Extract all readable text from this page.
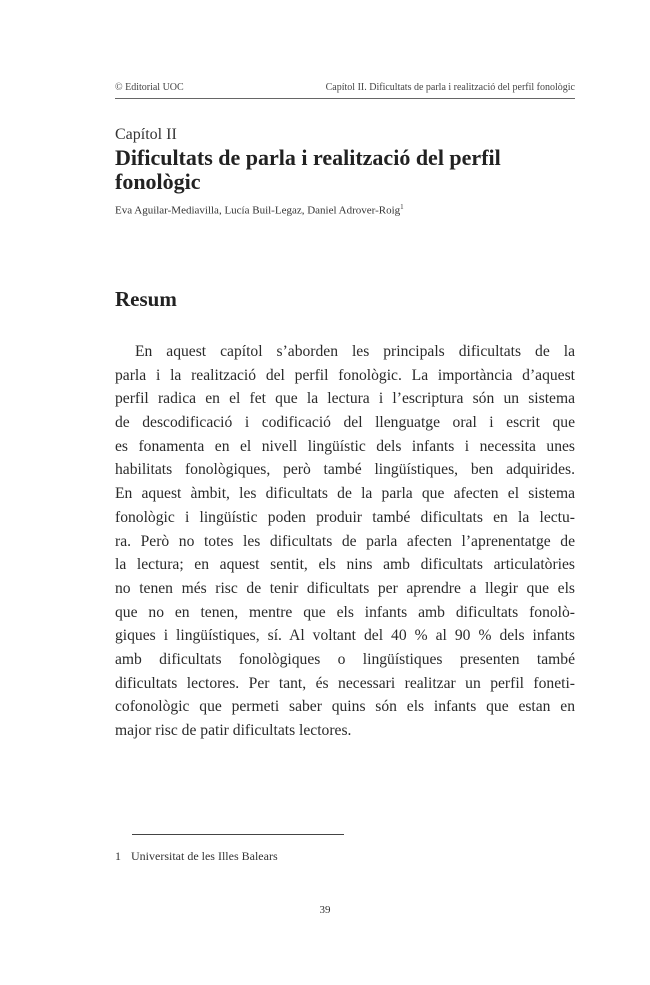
© Editorial UOC	Capítol II. Dificultats de parla i realització del perfil fonològic
Capítol II
Dificultats de parla i realització del perfil
fonològic
Eva Aguilar-Mediavilla, Lucía Buil-Legaz, Daniel Adrover-Roig$^1$
Resum
En aquest capítol s’aborden les principals dificultats de la
parla i la realització del perfil fonològic. La importància d’aquest
perfil radica en el fet que la lectura i l’escriptura són un sistema
de descodificació i codificació del llenguatge oral i escrit que
es fonamenta en el nivell lingüístic dels infants i necessita unes
habilitats fonològiques, però també lingüístiques, ben adquirides.
En aquest àmbit, les dificultats de la parla que afecten el sistema
fonològic i lingüístic poden produir també dificultats en la lectu-
ra. Però no totes les dificultats de parla afecten l’aprenentatge de
la lectura; en aquest sentit, els nins amb dificultats articulatòries
no tenen més risc de tenir dificultats per aprendre a llegir que els
que no en tenen, mentre que els infants amb dificultats fonolò-
giques i lingüístiques, sí. Al voltant del 40 % al 90 % dels infants
amb dificultats fonològiques o lingüístiques presenten també
dificultats lectores. Per tant, és necessari realitzar un perfil foneti-
cofonològic que permeti saber quins són els infants que estan en
major risc de patir dificultats lectores.
1 Universitat de les Illes Balears
39
